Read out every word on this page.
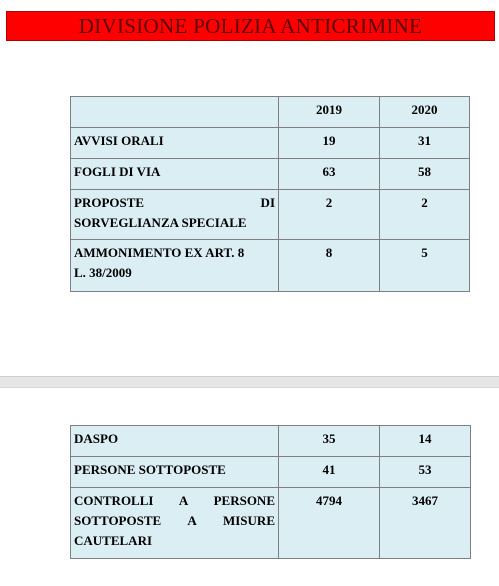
DIVISIONE POLIZIA ANTICRIMINE
	2019	2020
AVVISI ORALI	19	31
FOGLI DI VIA	63	58

PROPOSTE DI
SORVEGLIANZA SPECIALE	2	2

AMMONIMENTO EX ART. 8
L. 38/2009	8	5
DASPO	35	14
PERSONE SOTTOPOSTE	41	53

CONTROLLI A PERSONE
SOTTOPOSTE A MISURE
CAUTELARI	4794	3467
